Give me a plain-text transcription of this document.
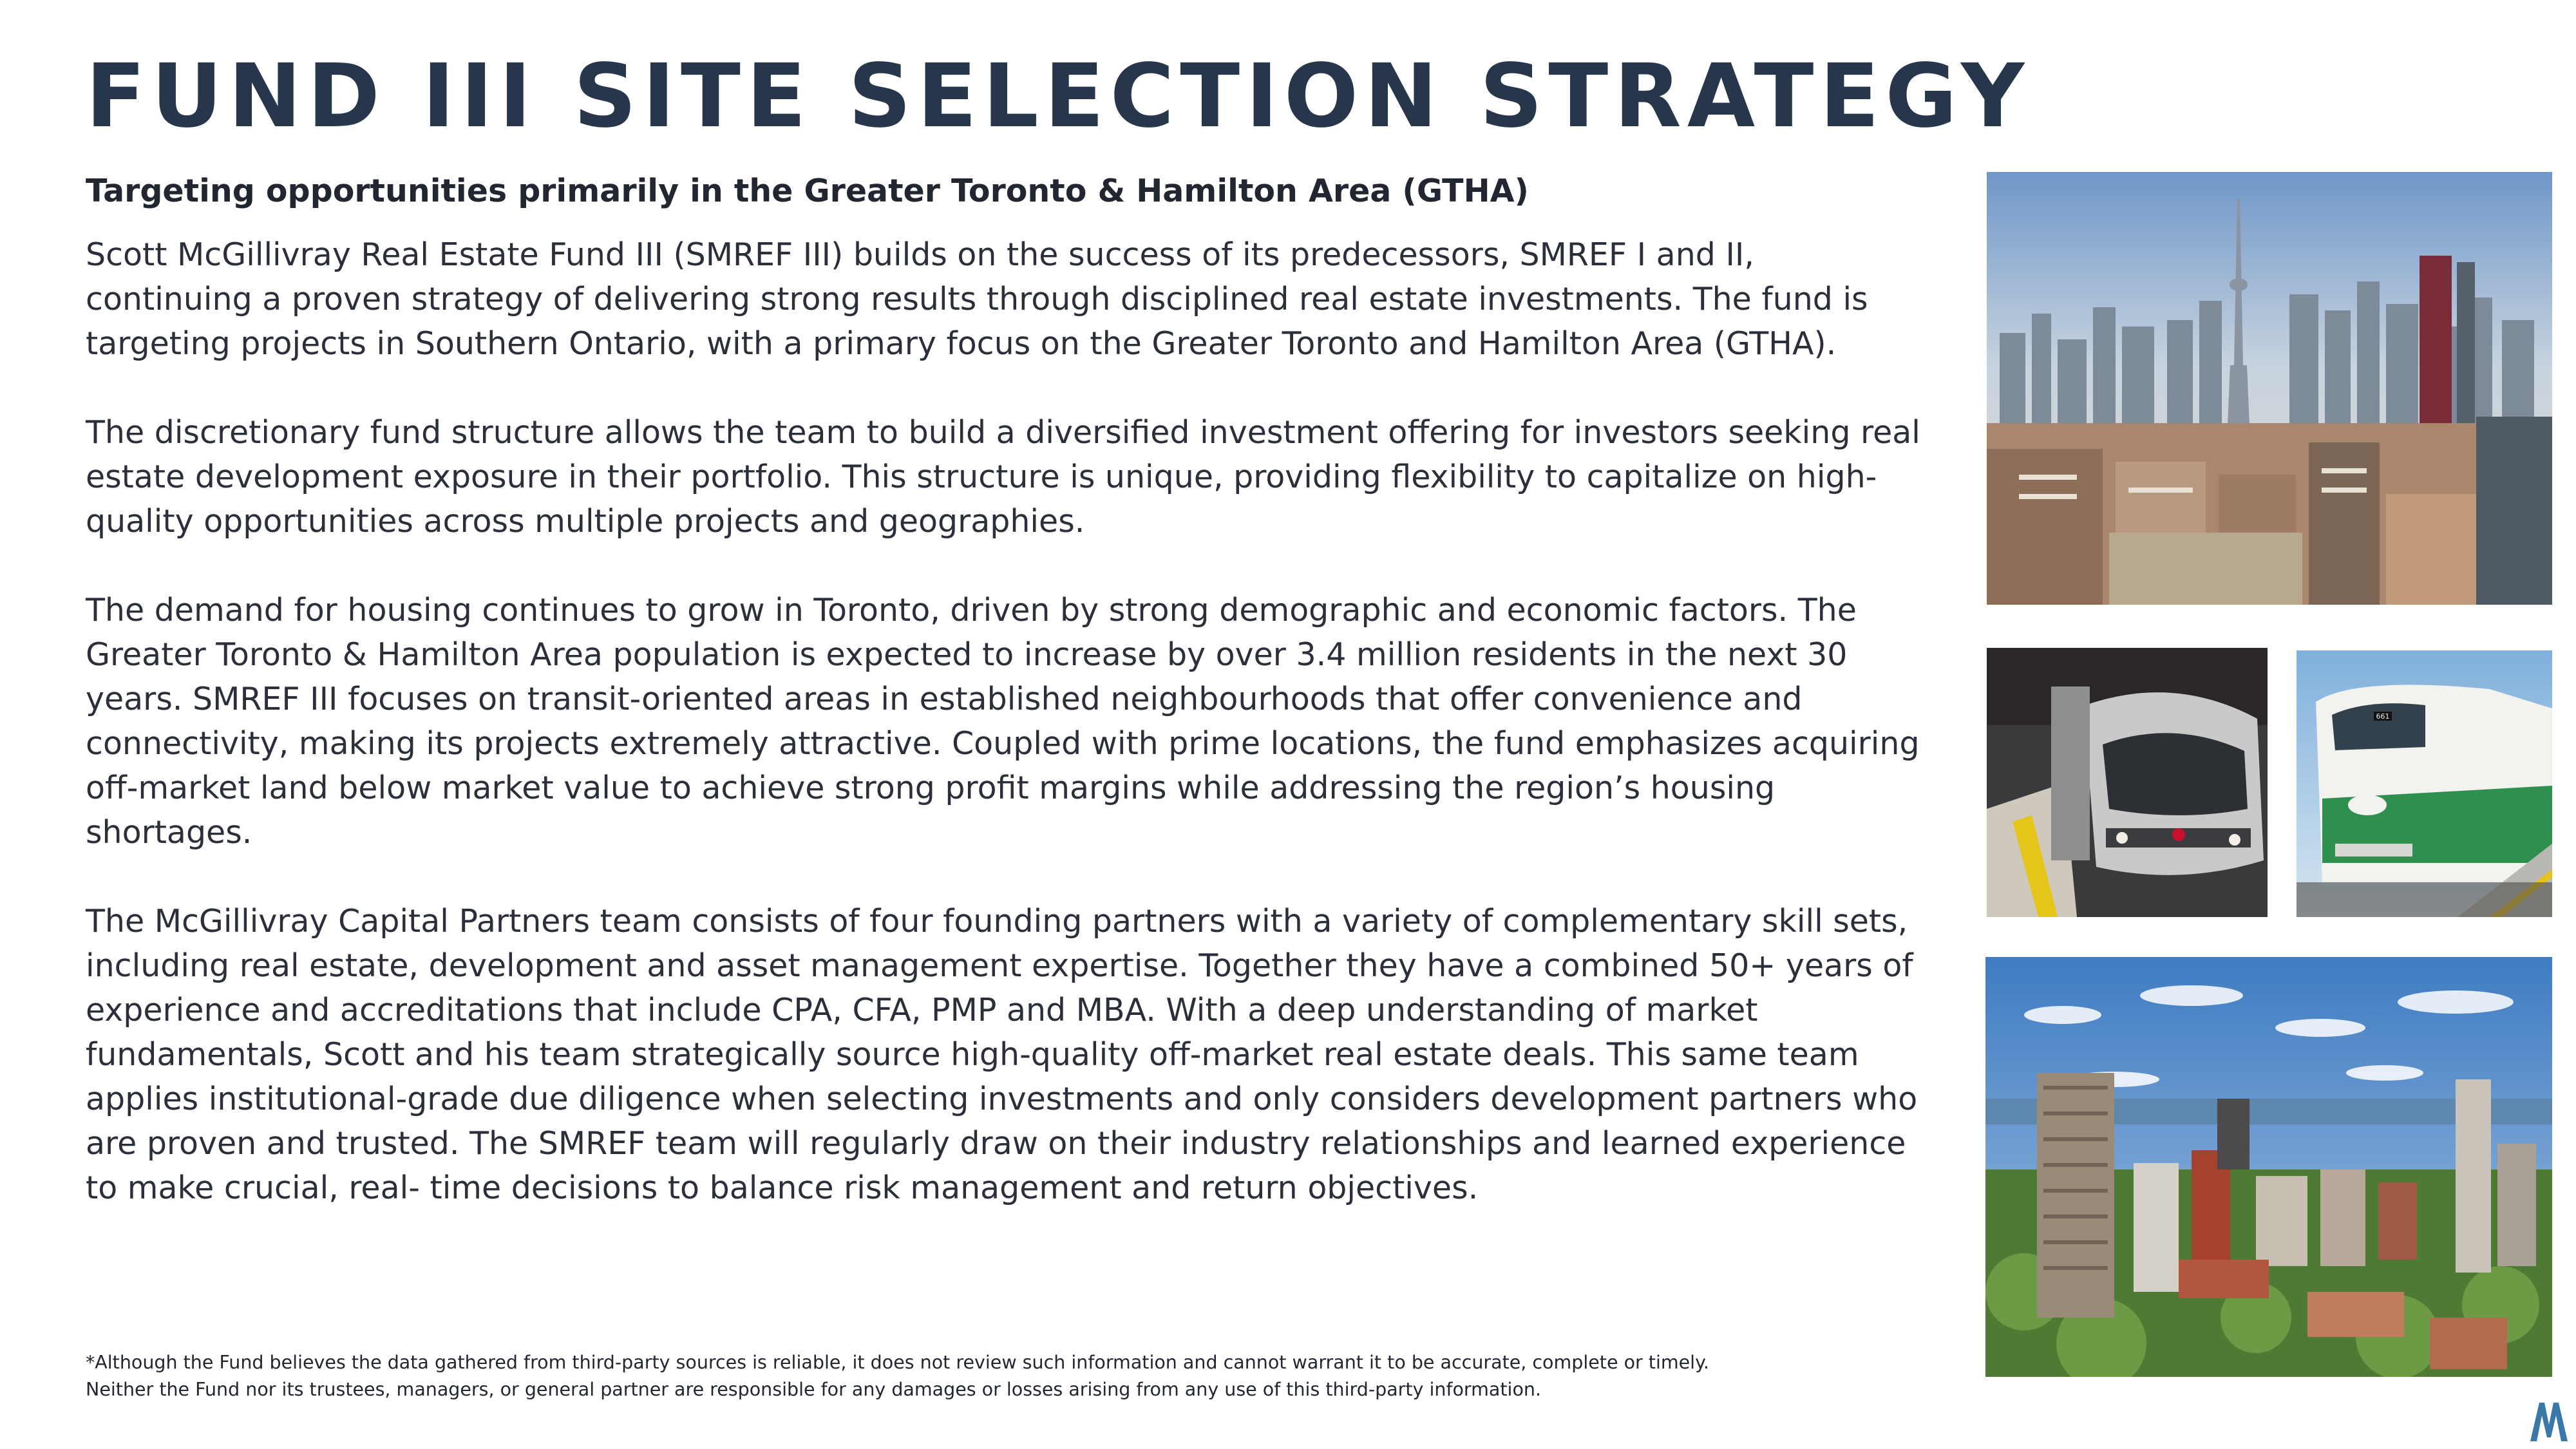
FUND III SITE SELECTION STRATEGY

Targeting opportunities primarily in the Greater Toronto & Hamilton Area (GTHA)

Scott McGillivray Real Estate Fund III (SMREF III) builds on the success of its predecessors, SMREF I and II, continuing a proven strategy of delivering strong results through disciplined real estate investments. The fund is targeting projects in Southern Ontario, with a primary focus on the Greater Toronto and Hamilton Area (GTHA).

The discretionary fund structure allows the team to build a diversified investment offering for investors seeking real estate development exposure in their portfolio. This structure is unique, providing flexibility to capitalize on high-quality opportunities across multiple projects and geographies.

The demand for housing continues to grow in Toronto, driven by strong demographic and economic factors. The Greater Toronto & Hamilton Area population is expected to increase by over 3.4 million residents in the next 30 years. SMREF III focuses on transit-oriented areas in established neighbourhoods that offer convenience and connectivity, making its projects extremely attractive. Coupled with prime locations, the fund emphasizes acquiring off-market land below market value to achieve strong profit margins while addressing the region’s housing shortages.

The McGillivray Capital Partners team consists of four founding partners with a variety of complementary skill sets, including real estate, development and asset management expertise. Together they have a combined 50+ years of experience and accreditations that include CPA, CFA, PMP and MBA. With a deep understanding of market fundamentals, Scott and his team strategically source high-quality off-market real estate deals. This same team applies institutional-grade due diligence when selecting investments and only considers development partners who are proven and trusted. The SMREF team will regularly draw on their industry relationships and learned experience to make crucial, real- time decisions to balance risk management and return objectives.

*Although the Fund believes the data gathered from third-party sources is reliable, it does not review such information and cannot warrant it to be accurate, complete or timely.
Neither the Fund nor its trustees, managers, or general partner are responsible for any damages or losses arising from any use of this third-party information.
661
